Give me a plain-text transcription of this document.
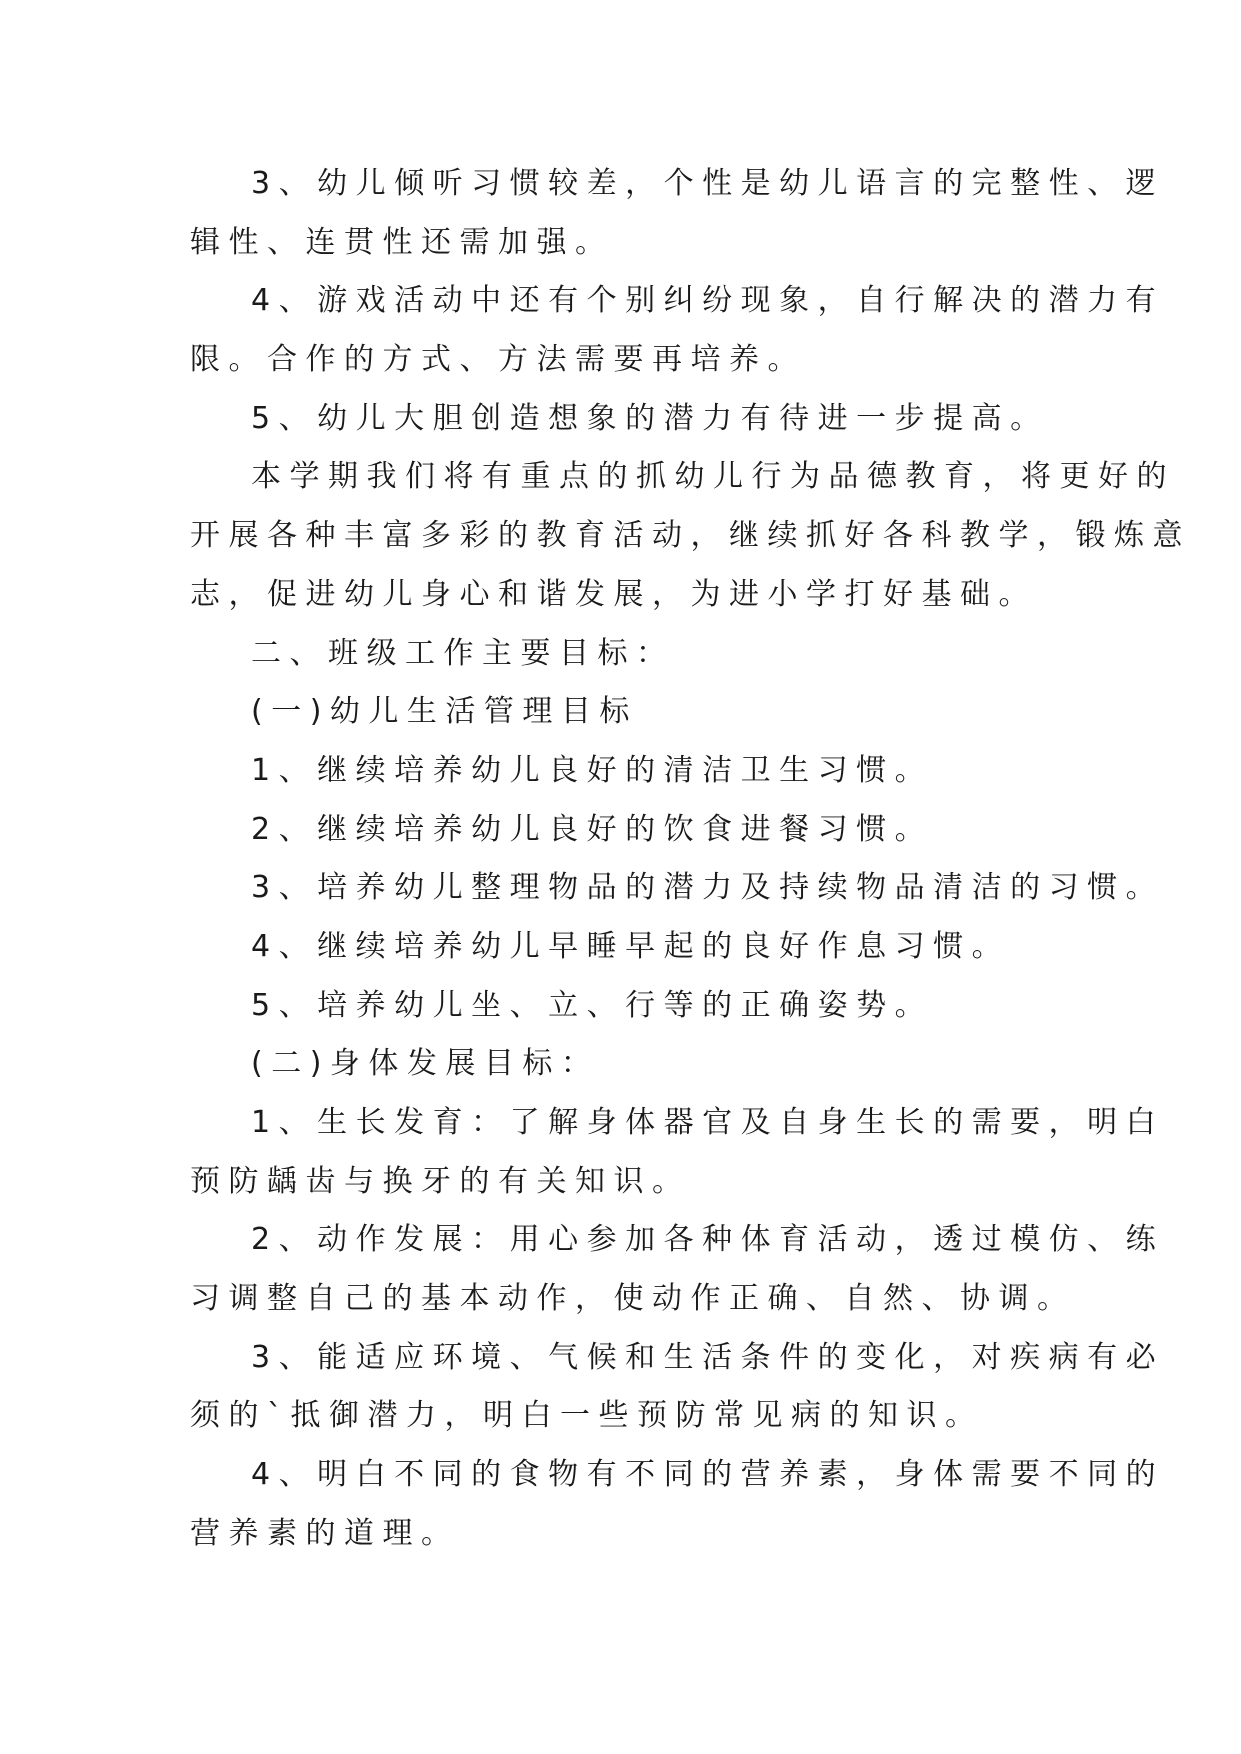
3、幼儿倾听习惯较差，个性是幼儿语言的完整性、逻
辑性、连贯性还需加强。
4、游戏活动中还有个别纠纷现象，自行解决的潜力有
限。合作的方式、方法需要再培养。
5、幼儿大胆创造想象的潜力有待进一步提高。
本学期我们将有重点的抓幼儿行为品德教育，将更好的
开展各种丰富多彩的教育活动，继续抓好各科教学，锻炼意
志，促进幼儿身心和谐发展，为进小学打好基础。
二、班级工作主要目标：
(一)幼儿生活管理目标
1、继续培养幼儿良好的清洁卫生习惯。
2、继续培养幼儿良好的饮食进餐习惯。
3、培养幼儿整理物品的潜力及持续物品清洁的习惯。
4、继续培养幼儿早睡早起的良好作息习惯。
5、培养幼儿坐、立、行等的正确姿势。
(二)身体发展目标：
1、生长发育：了解身体器官及自身生长的需要，明白
预防龋齿与换牙的有关知识。
2、动作发展：用心参加各种体育活动，透过模仿、练
习调整自己的基本动作，使动作正确、自然、协调。
3、能适应环境、气候和生活条件的变化，对疾病有必
须的`抵御潜力，明白一些预防常见病的知识。
4、明白不同的食物有不同的营养素，身体需要不同的
营养素的道理。
